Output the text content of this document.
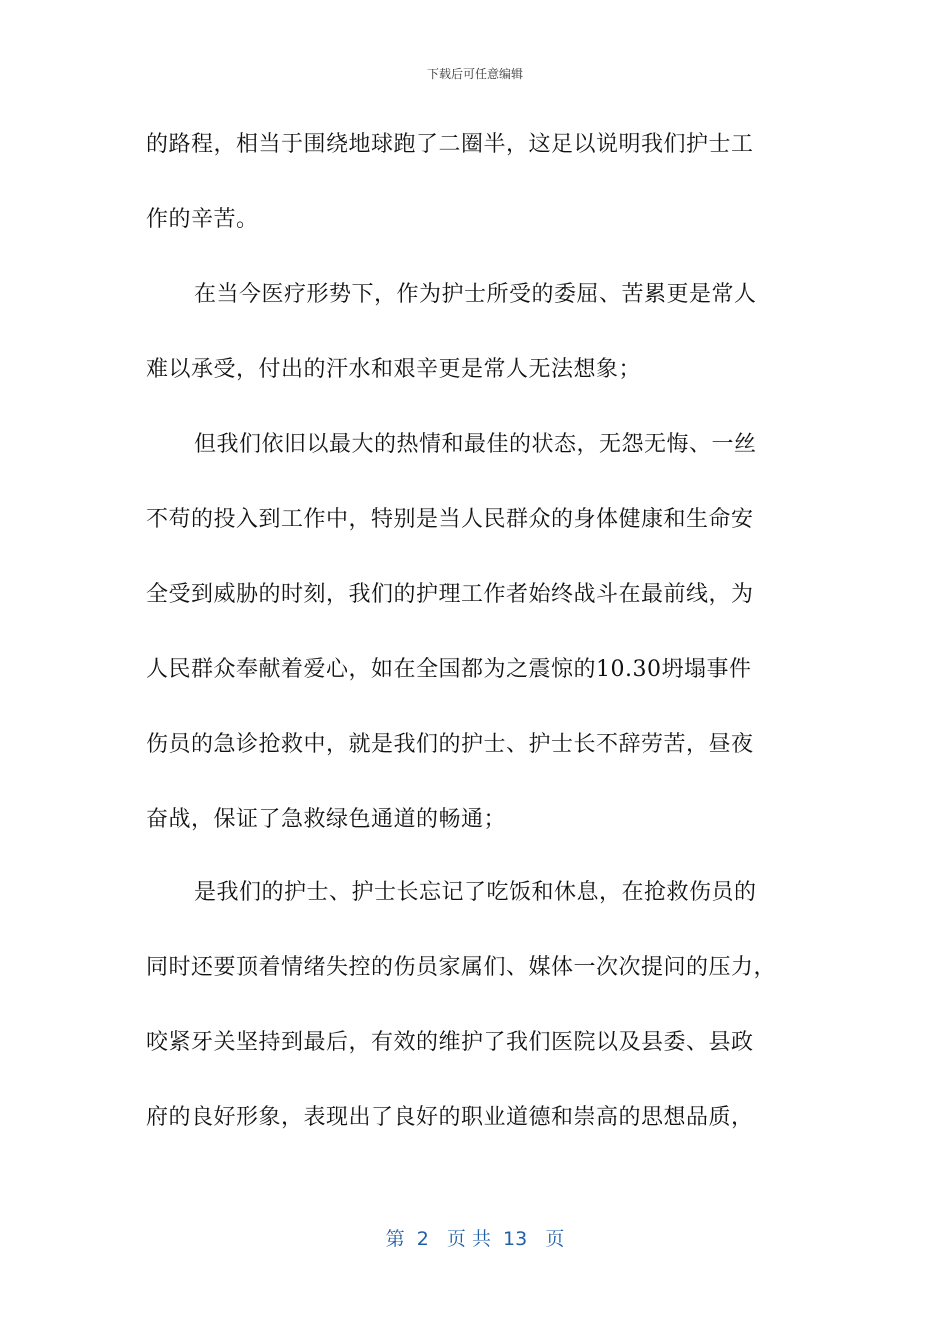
下载后可任意编辑
的路程，相当于围绕地球跑了二圈半，这足以说明我们护士工
作的辛苦。
在当今医疗形势下，作为护士所受的委屈、苦累更是常人
难以承受，付出的汗水和艰辛更是常人无法想象；
但我们依旧以最大的热情和最佳的状态，无怨无悔、一丝
不苟的投入到工作中，特别是当人民群众的身体健康和生命安
全受到威胁的时刻，我们的护理工作者始终战斗在最前线，为
人民群众奉献着爱心，如在全国都为之震惊的10.30坍塌事件
伤员的急诊抢救中，就是我们的护士、护士长不辞劳苦，昼夜
奋战，保证了急救绿色通道的畅通；
是我们的护士、护士长忘记了吃饭和休息，在抢救伤员的
同时还要顶着情绪失控的伤员家属们、媒体一次次提问的压力，
咬紧牙关坚持到最后，有效的维护了我们医院以及县委、县政
府的良好形象，表现出了良好的职业道德和崇高的思想品质，
第  2   页 共  13   页
